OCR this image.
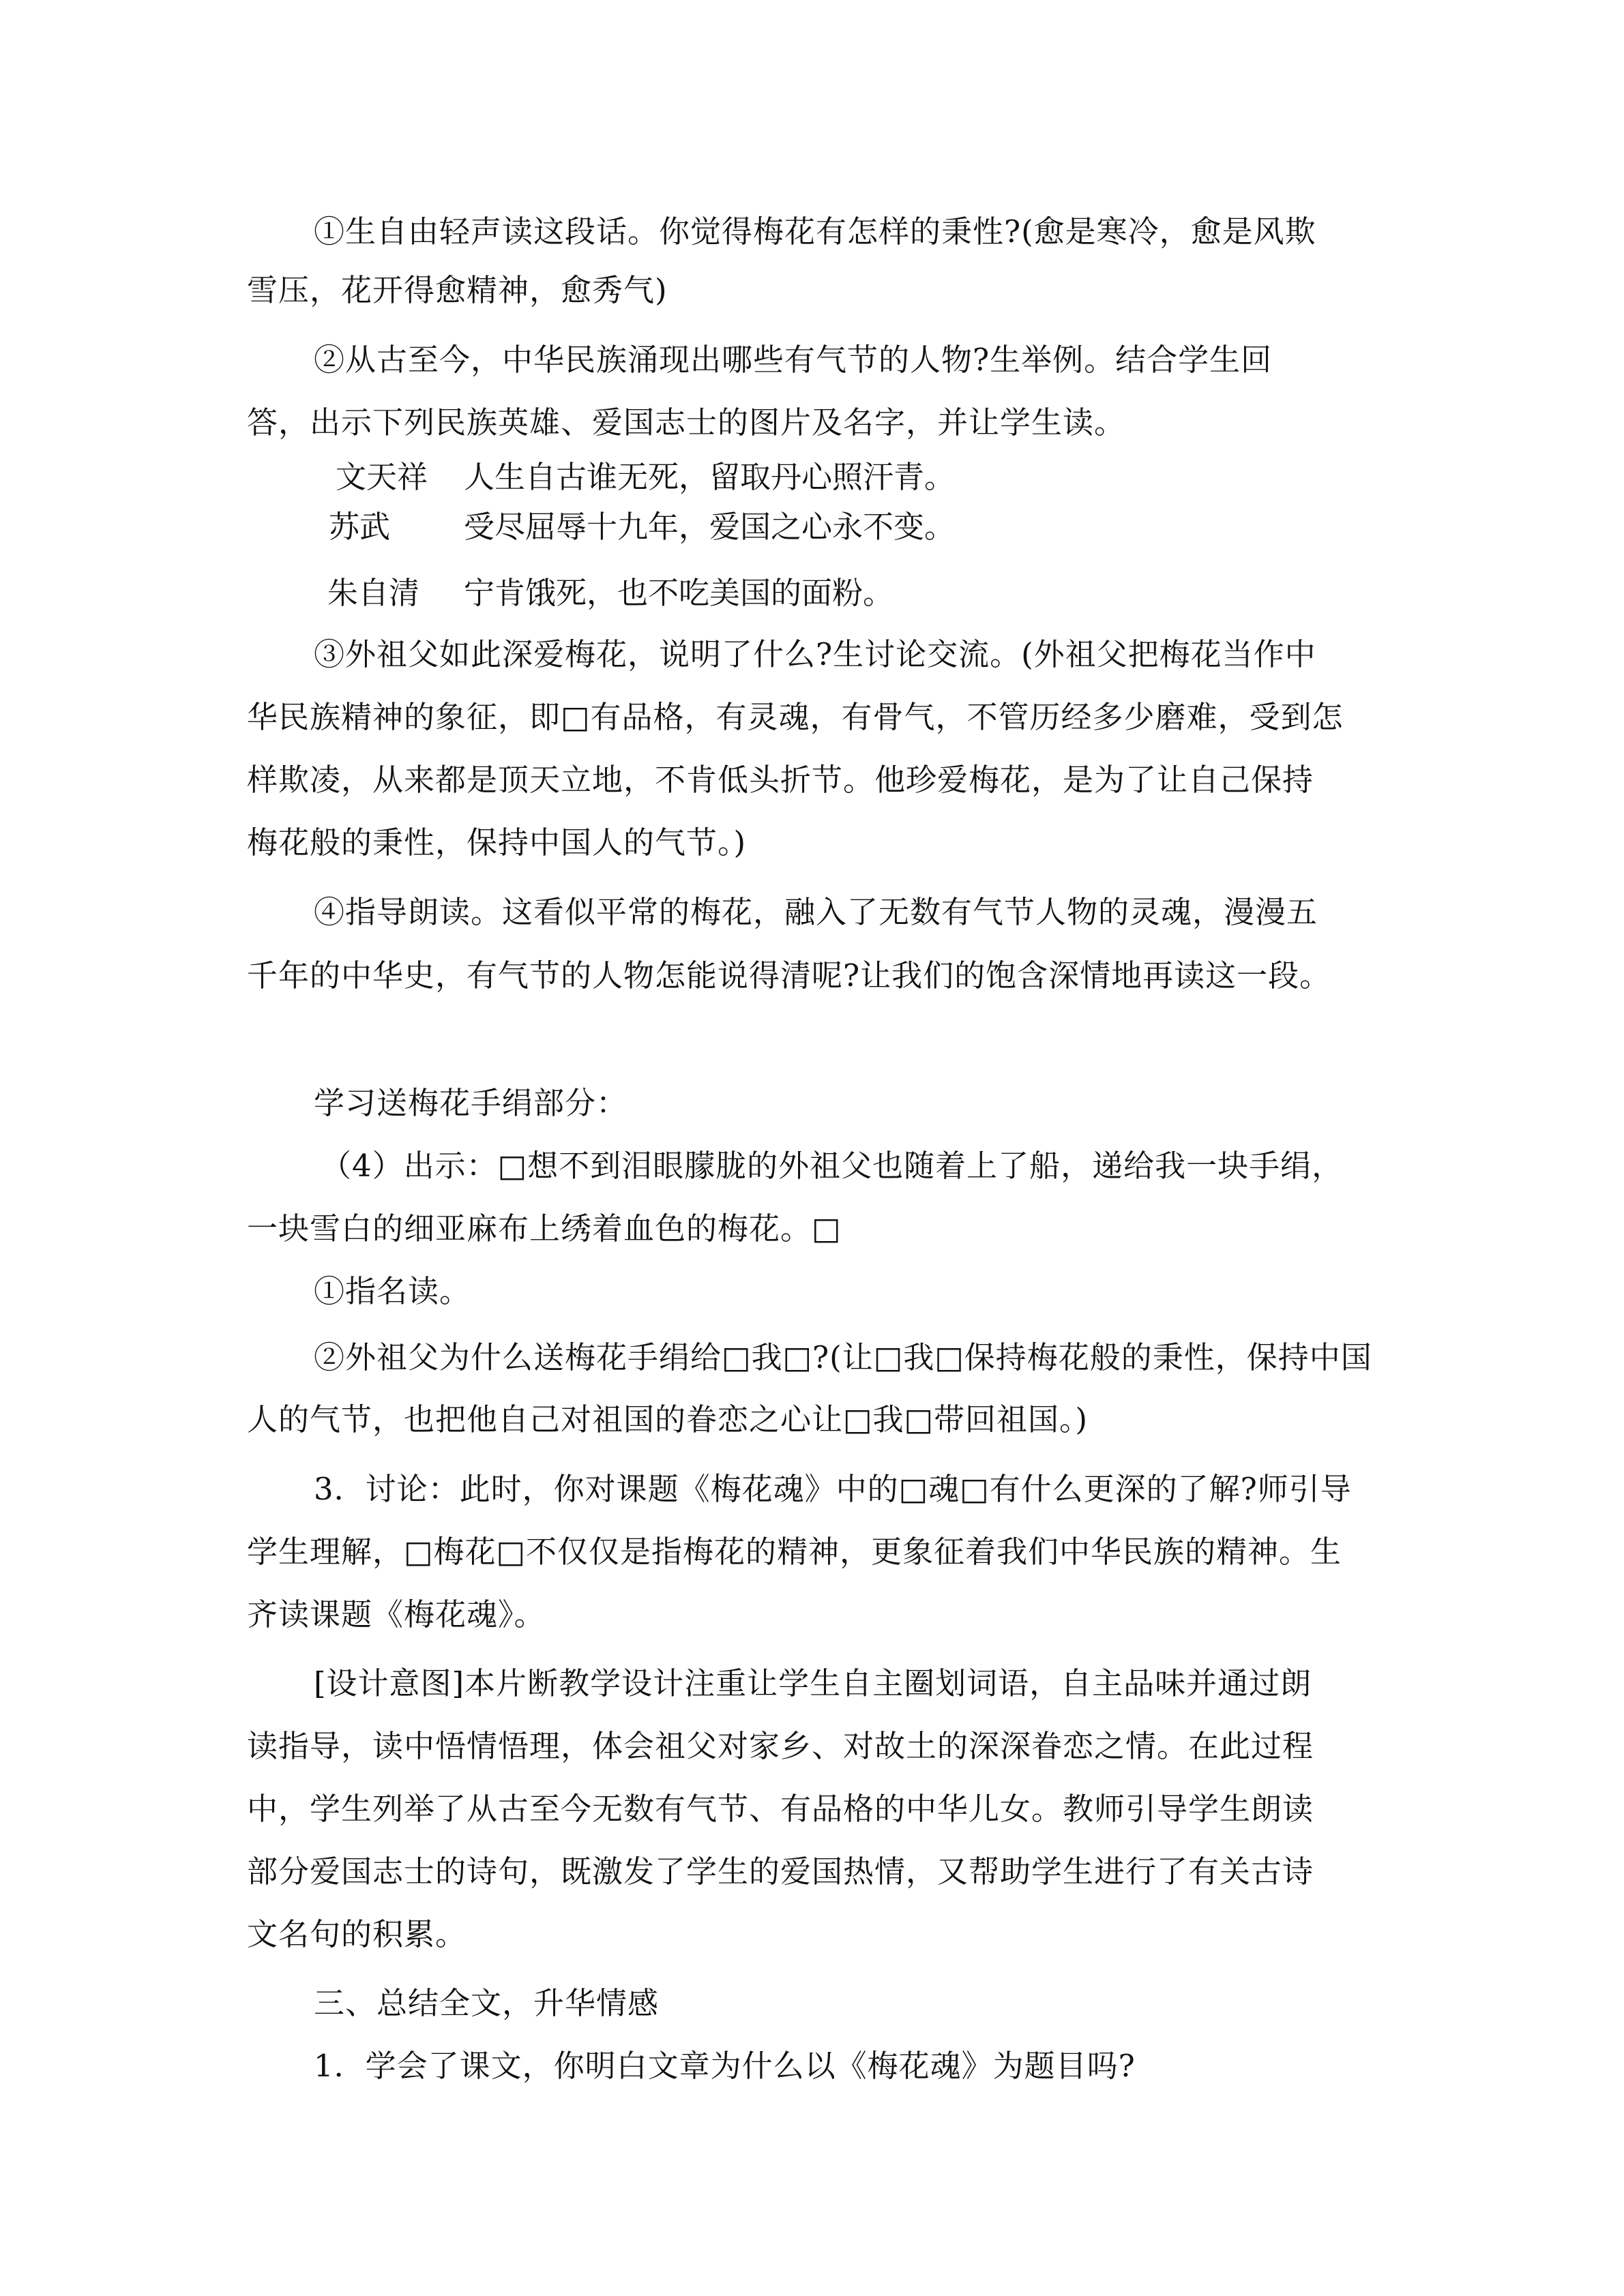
①生自由轻声读这段话。你觉得梅花有怎样的秉性?(愈是寒冷，愈是风欺
雪压，花开得愈精神，愈秀气)
②从古至今，中华民族涌现出哪些有气节的人物?生举例。结合学生回
答，出示下列民族英雄、爱国志士的图片及名字，并让学生读。
文天祥 人生自古谁无死，留取丹心照汗青。
苏武 受尽屈辱十九年，爱国之心永不变。
朱自清 宁肯饿死，也不吃美国的面粉。
③外祖父如此深爱梅花，说明了什么?生讨论交流。(外祖父把梅花当作中
华民族精神的象征，即□有品格，有灵魂，有骨气，不管历经多少磨难，受到怎
样欺凌，从来都是顶天立地，不肯低头折节。他珍爱梅花，是为了让自己保持
梅花般的秉性，保持中国人的气节。)
④指导朗读。这看似平常的梅花，融入了无数有气节人物的灵魂，漫漫五
千年的中华史，有气节的人物怎能说得清呢?让我们的饱含深情地再读这一段。
学习送梅花手绢部分：
（4）出示：□想不到泪眼朦胧的外祖父也随着上了船，递给我一块手绢，
一块雪白的细亚麻布上绣着血色的梅花。□
①指名读。
②外祖父为什么送梅花手绢给□我□?(让□我□保持梅花般的秉性，保持中国
人的气节，也把他自己对祖国的眷恋之心让□我□带回祖国。)
3．讨论：此时，你对课题《梅花魂》中的□魂□有什么更深的了解?师引导
学生理解，□梅花□不仅仅是指梅花的精神，更象征着我们中华民族的精神。生
齐读课题《梅花魂》。
[设计意图]本片断教学设计注重让学生自主圈划词语，自主品味并通过朗
读指导，读中悟情悟理，体会祖父对家乡、对故土的深深眷恋之情。在此过程
中，学生列举了从古至今无数有气节、有品格的中华儿女。教师引导学生朗读
部分爱国志士的诗句，既激发了学生的爱国热情，又帮助学生进行了有关古诗
文名句的积累。
三、总结全文，升华情感
1．学会了课文，你明白文章为什么以《梅花魂》为题目吗?
